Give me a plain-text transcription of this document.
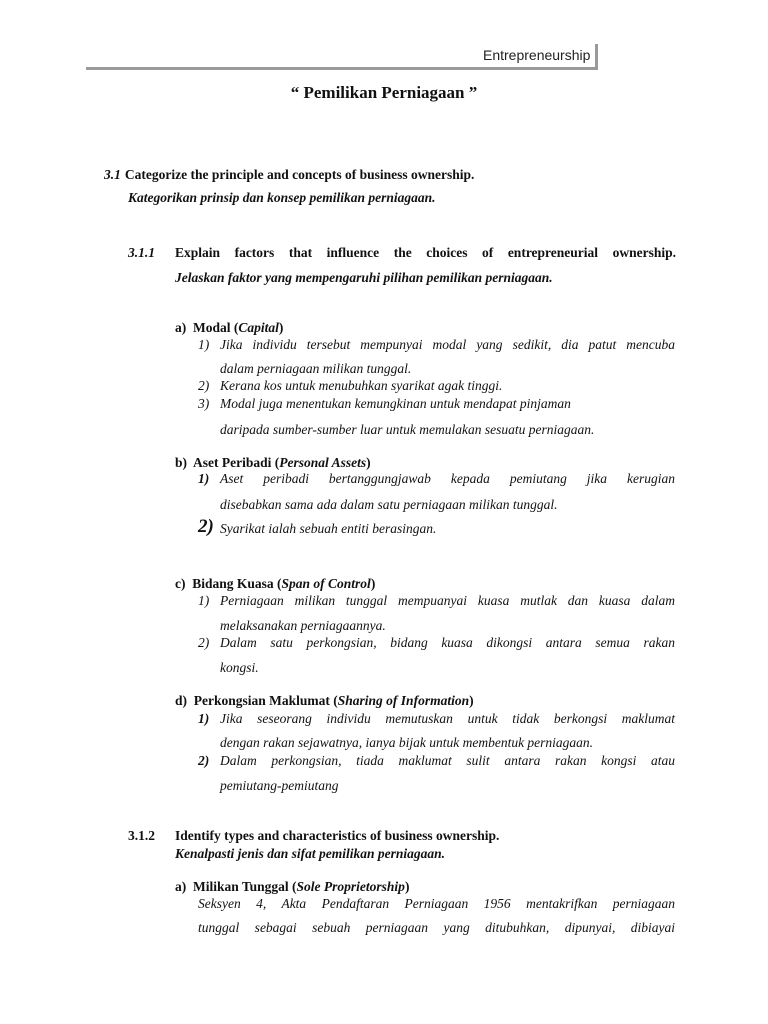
Entrepreneurship
“ Pemilikan Perniagaan ”
3.1 Categorize the principle and concepts of business ownership.
Kategorikan prinsip dan konsep pemilikan perniagaan.
3.1.1 Explain factors that influence the choices of entrepreneurial ownership.
Jelaskan faktor yang mempengaruhi pilihan pemilikan perniagaan.
a) Modal (Capital)
1) Jika individu tersebut mempunyai modal yang sedikit, dia patut mencuba
dalam perniagaan milikan tunggal.
2) Kerana kos untuk menubuhkan syarikat agak tinggi.
3) Modal juga menentukan kemungkinan untuk mendapat pinjaman
daripada sumber-sumber luar untuk memulakan sesuatu perniagaan.
b) Aset Peribadi (Personal Assets)
1) Aset peribadi bertanggungjawab kepada pemiutang jika kerugian
disebabkan sama ada dalam satu perniagaan milikan tunggal.
2) Syarikat ialah sebuah entiti berasingan.
c) Bidang Kuasa (Span of Control)
1) Perniagaan milikan tunggal mempuanyai kuasa mutlak dan kuasa dalam
melaksanakan perniagaannya.
2) Dalam satu perkongsian, bidang kuasa dikongsi antara semua rakan
kongsi.
d) Perkongsian Maklumat (Sharing of Information)
1) Jika seseorang individu memutuskan untuk tidak berkongsi maklumat
dengan rakan sejawatnya, ianya bijak untuk membentuk perniagaan.
2) Dalam perkongsian, tiada maklumat sulit antara rakan kongsi atau
pemiutang-pemiutang
3.1.2 Identify types and characteristics of business ownership.
Kenalpasti jenis dan sifat pemilikan perniagaan.
a) Milikan Tunggal (Sole Proprietorship)
Seksyen 4, Akta Pendaftaran Perniagaan 1956 mentakrifkan perniagaan
tunggal sebagai sebuah perniagaan yang ditubuhkan, dipunyai, dibiayai
